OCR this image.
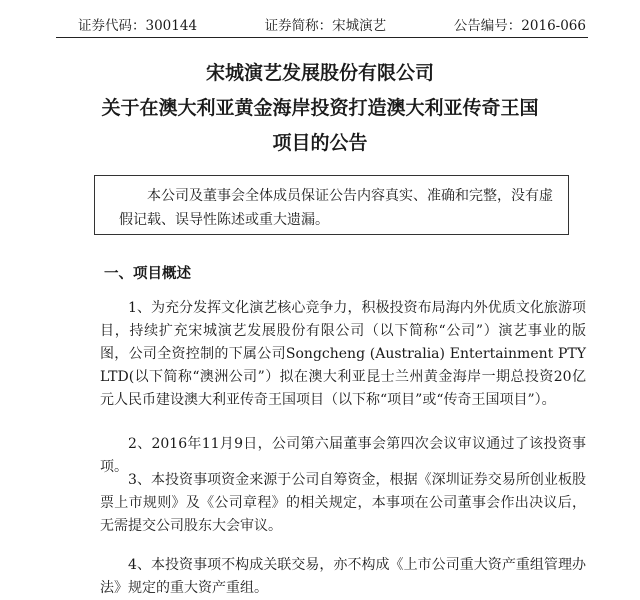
证券代码：300144	证券简称：宋城演艺	公告编号：2016-066
宋城演艺发展股份有限公司
关于在澳大利亚黄金海岸投资打造澳大利亚传奇王国
项目的公告

本公司及董事会全体成员保证公告内容真实、准确和完整，没有虚假记载、误导性陈述或重大遗漏。

一、项目概述

1、为充分发挥文化演艺核心竞争力，积极投资布局海内外优质文化旅游项目，持续扩充宋城演艺发展股份有限公司（以下简称“公司”）演艺事业的版图，公司全资控制的下属公司Songcheng (Australia) Entertainment PTY LTD(以下简称“澳洲公司”）拟在澳大利亚昆士兰州黄金海岸一期总投资20亿元人民币建设澳大利亚传奇王国项目（以下称“项目”或“传奇王国项目”）。

2、2016年11月9日，公司第六届董事会第四次会议审议通过了该投资事项。

3、本投资事项资金来源于公司自筹资金，根据《深圳证券交易所创业板股票上市规则》及《公司章程》的相关规定，本事项在公司董事会作出决议后，无需提交公司股东大会审议。

4、本投资事项不构成关联交易，亦不构成《上市公司重大资产重组管理办法》规定的重大资产重组。
